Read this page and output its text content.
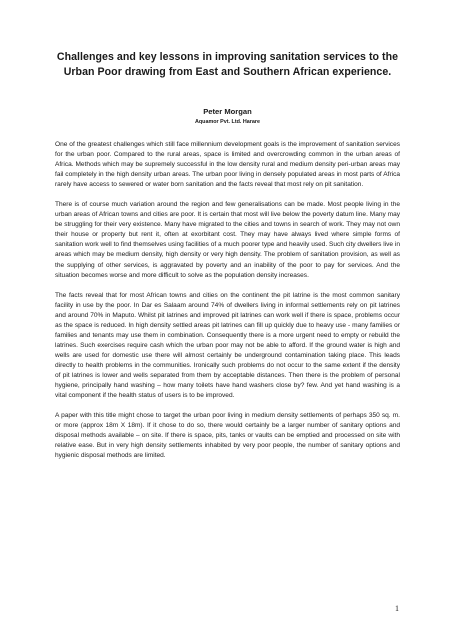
Challenges and key lessons in improving sanitation services to the Urban Poor drawing from East and Southern African experience.
Peter Morgan
Aquamor Pvt. Ltd. Harare

One of the greatest challenges which still face millennium development goals is the improvement of sanitation services for the urban poor. Compared to the rural areas, space is limited and overcrowding common in the urban areas of Africa. Methods which may be supremely successful in the low density rural and medium density peri-urban areas may fail completely in the high density urban areas. The urban poor living in densely populated areas in most parts of Africa rarely have access to sewered or water born sanitation and the facts reveal that most rely on pit sanitation.

There is of course much variation around the region and few generalisations can be made. Most people living in the urban areas of African towns and cities are poor. It is certain that most will live below the poverty datum line. Many may be struggling for their very existence. Many have migrated to the cities and towns in search of work. They may not own their house or property but rent it, often at exorbitant cost. They may have always lived where simple forms of sanitation work well to find themselves using facilities of a much poorer type and heavily used. Such city dwellers live in areas which may be medium density, high density or very high density. The problem of sanitation provision, as well as the supplying of other services, is aggravated by poverty and an inability of the poor to pay for services. And the situation becomes worse and more difficult to solve as the population density increases.

The facts reveal that for most African towns and cities on the continent the pit latrine is the most common sanitary facility in use by the poor. In Dar es Salaam around 74% of dwellers living in informal settlements rely on pit latrines and around 70% in Maputo. Whilst pit latrines and improved pit latrines can work well if there is space, problems occur as the space is reduced. In high density settled areas pit latrines can fill up quickly due to heavy use - many families or families and tenants may use them in combination. Consequently there is a more urgent need to empty or rebuild the latrines. Such exercises require cash which the urban poor may not be able to afford. If the ground water is high and wells are used for domestic use there will almost certainly be underground contamination taking place. This leads directly to health problems in the communities. Ironically such problems do not occur to the same extent if the density of pit latrines is lower and wells separated from them by acceptable distances. Then there is the problem of personal hygiene, principally hand washing – how many toilets have hand washers close by? few. And yet hand washing is a vital component if the health status of users is to be improved.

A paper with this title might chose to target the urban poor living in medium density settlements of perhaps 350 sq. m. or more (approx 18m X 18m). If it chose to do so, there would certainly be a larger number of sanitary options and disposal methods available – on site. If there is space, pits, tanks or vaults can be emptied and processed on site with relative ease. But in very high density settlements inhabited by very poor people, the number of sanitary options and hygienic disposal methods are limited.

1
